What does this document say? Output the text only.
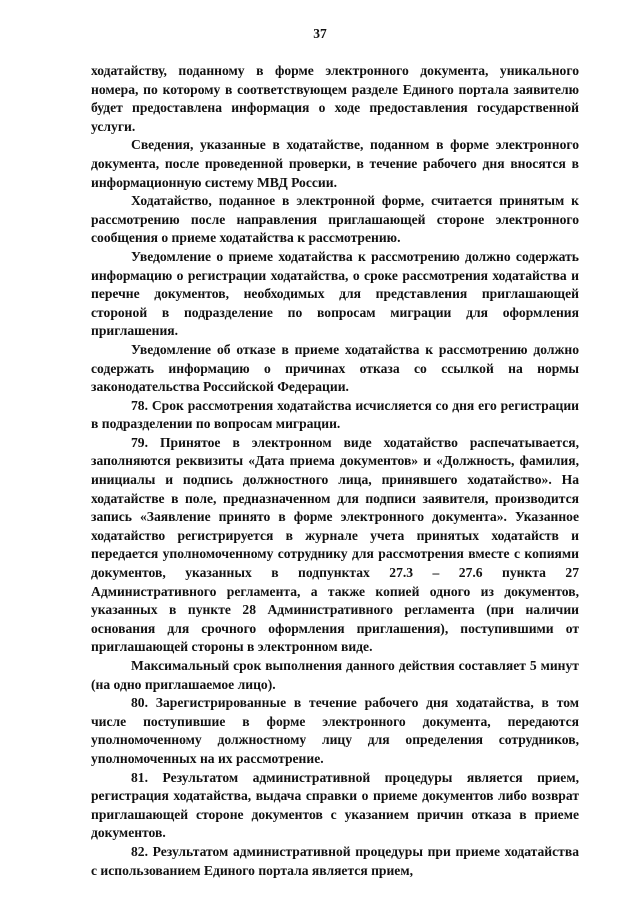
37

ходатайству, поданному в форме электронного документа, уникального номера, по которому в соответствующем разделе Единого портала заявителю будет предоставлена информация о ходе предоставления государственной услуги.

Сведения, указанные в ходатайстве, поданном в форме электронного документа, после проведенной проверки, в течение рабочего дня вносятся в информационную систему МВД России.

Ходатайство, поданное в электронной форме, считается принятым к рассмотрению после направления приглашающей стороне электронного сообщения о приеме ходатайства к рассмотрению.

Уведомление о приеме ходатайства к рассмотрению должно содержать информацию о регистрации ходатайства, о сроке рассмотрения ходатайства и перечне документов, необходимых для представления приглашающей стороной в подразделение по вопросам миграции для оформления приглашения.

Уведомление об отказе в приеме ходатайства к рассмотрению должно содержать информацию о причинах отказа со ссылкой на нормы законодательства Российской Федерации.

78. Срок рассмотрения ходатайства исчисляется со дня его регистрации в подразделении по вопросам миграции.

79. Принятое в электронном виде ходатайство распечатывается, заполняются реквизиты «Дата приема документов» и «Должность, фамилия, инициалы и подпись должностного лица, принявшего ходатайство». На ходатайстве в поле, предназначенном для подписи заявителя, производится запись «Заявление принято в форме электронного документа». Указанное ходатайство регистрируется в журнале учета принятых ходатайств и передается уполномоченному сотруднику для рассмотрения вместе с копиями документов, указанных в подпунктах 27.3 – 27.6 пункта 27 Административного регламента, а также копией одного из документов, указанных в пункте 28 Административного регламента (при наличии основания для срочного оформления приглашения), поступившими от приглашающей стороны в электронном виде.

Максимальный срок выполнения данного действия составляет 5 минут (на одно приглашаемое лицо).

80. Зарегистрированные в течение рабочего дня ходатайства, в том числе поступившие в форме электронного документа, передаются уполномоченному должностному лицу для определения сотрудников, уполномоченных на их рассмотрение.

81. Результатом административной процедуры является прием, регистрация ходатайства, выдача справки о приеме документов либо возврат приглашающей стороне документов с указанием причин отказа в приеме документов.

82. Результатом административной процедуры при приеме ходатайства с использованием Единого портала является прием,
